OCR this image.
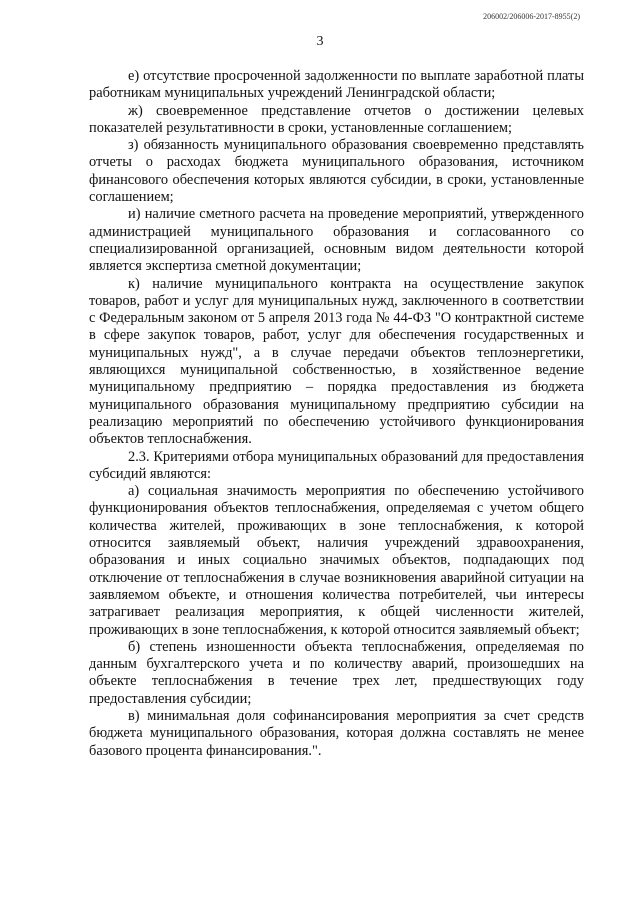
206002/206006-2017-8955(2)
3

е) отсутствие просроченной задолженности по выплате заработной платы работникам муниципальных учреждений Ленинградской области;

ж) своевременное представление отчетов о достижении целевых показателей результативности в сроки, установленные соглашением;

з) обязанность муниципального образования своевременно представлять отчеты о расходах бюджета муниципального образования, источником финансового обеспечения которых являются субсидии, в сроки, установленные соглашением;

и) наличие сметного расчета на проведение мероприятий, утвержденного администрацией муниципального образования и согласованного со специализированной организацией, основным видом деятельности которой является экспертиза сметной документации;

к) наличие муниципального контракта на осуществление закупок товаров, работ и услуг для муниципальных нужд, заключенного в соответствии с Федеральным законом от 5 апреля 2013 года № 44-ФЗ "О контрактной системе в сфере закупок товаров, работ, услуг для обеспечения государственных и муниципальных нужд", а в случае передачи объектов теплоэнергетики, являющихся муниципальной собственностью, в хозяйственное ведение муниципальному предприятию – порядка предоставления из бюджета муниципального образования муниципальному предприятию субсидии на реализацию мероприятий по обеспечению устойчивого функционирования объектов теплоснабжения.

2.3. Критериями отбора муниципальных образований для предоставления субсидий являются:

а) социальная значимость мероприятия по обеспечению устойчивого функционирования объектов теплоснабжения, определяемая с учетом общего количества жителей, проживающих в зоне теплоснабжения, к которой относится заявляемый объект, наличия учреждений здравоохранения, образования и иных социально значимых объектов, подпадающих под отключение от теплоснабжения в случае возникновения аварийной ситуации на заявляемом объекте, и отношения количества потребителей, чьи интересы затрагивает реализация мероприятия, к общей численности жителей, проживающих в зоне теплоснабжения, к которой относится заявляемый объект;

б) степень изношенности объекта теплоснабжения, определяемая по данным бухгалтерского учета и по количеству аварий, произошедших на объекте теплоснабжения в течение трех лет, предшествующих году предоставления субсидии;

в) минимальная доля софинансирования мероприятия за счет средств бюджета муниципального образования, которая должна составлять не менее базового процента финансирования.".
